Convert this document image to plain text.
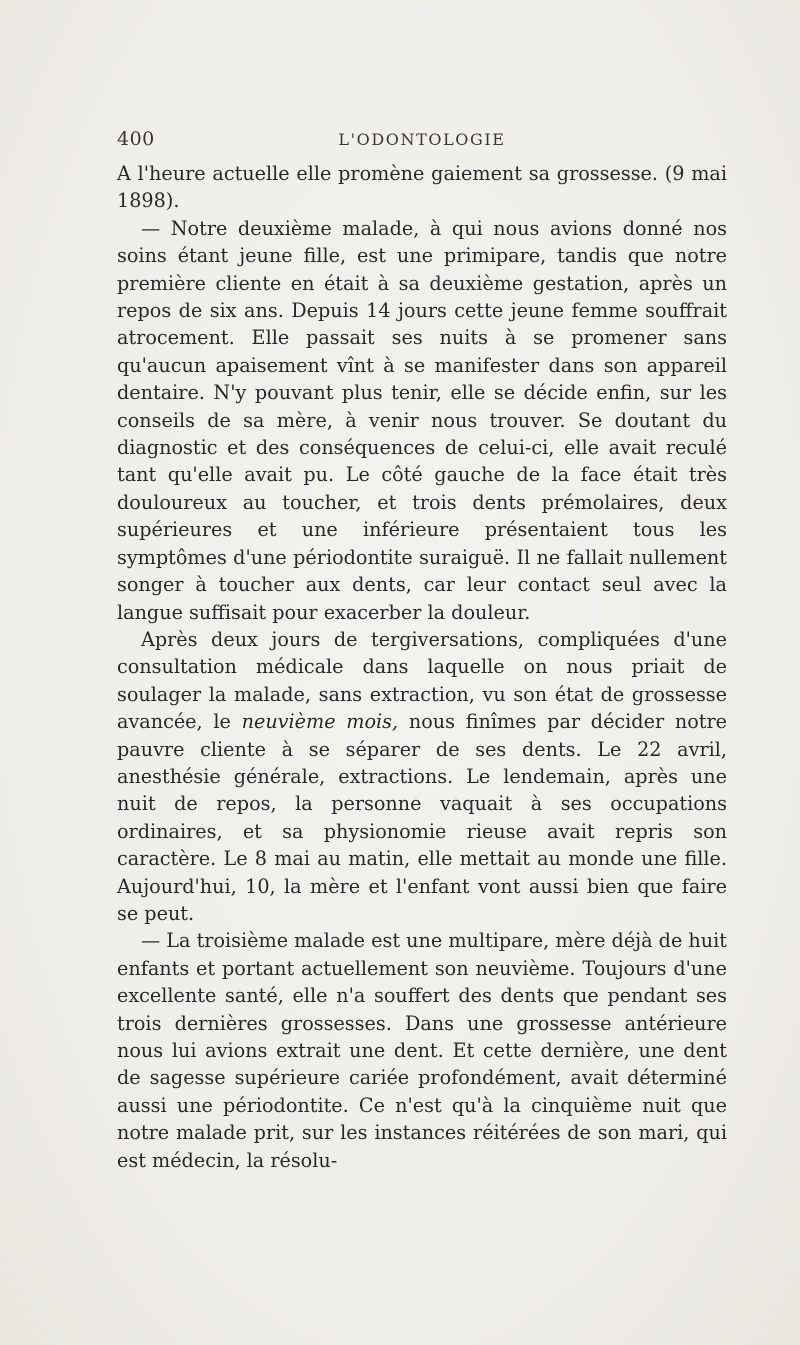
400	L'ODONTOLOGIE

A l'heure actuelle elle promène gaiement sa grossesse. (9 mai 1898).

— Notre deuxième malade, à qui nous avions donné nos soins étant jeune fille, est une primipare, tandis que notre première cliente en était à sa deuxième gestation, après un repos de six ans. Depuis 14 jours cette jeune femme souffrait atrocement. Elle passait ses nuits à se promener sans qu'aucun apaisement vînt à se manifester dans son appareil dentaire. N'y pouvant plus tenir, elle se décide enfin, sur les conseils de sa mère, à venir nous trouver. Se doutant du diagnostic et des conséquences de celui-ci, elle avait reculé tant qu'elle avait pu. Le côté gauche de la face était très douloureux au toucher, et trois dents prémolaires, deux supérieures et une inférieure présentaient tous les symptômes d'une périodontite suraiguë. Il ne fallait nullement songer à toucher aux dents, car leur contact seul avec la langue suffisait pour exacerber la douleur.

Après deux jours de tergiversations, compliquées d'une consultation médicale dans laquelle on nous priait de soulager la malade, sans extraction, vu son état de grossesse avancée, le neuvième mois, nous finîmes par décider notre pauvre cliente à se séparer de ses dents. Le 22 avril, anesthésie générale, extractions. Le lendemain, après une nuit de repos, la personne vaquait à ses occupations ordinaires, et sa physionomie rieuse avait repris son caractère. Le 8 mai au matin, elle mettait au monde une fille. Aujourd'hui, 10, la mère et l'enfant vont aussi bien que faire se peut.

— La troisième malade est une multipare, mère déjà de huit enfants et portant actuellement son neuvième. Toujours d'une excellente santé, elle n'a souffert des dents que pendant ses trois dernières grossesses. Dans une grossesse antérieure nous lui avions extrait une dent. Et cette dernière, une dent de sagesse supérieure cariée profondément, avait déterminé aussi une périodontite. Ce n'est qu'à la cinquième nuit que notre malade prit, sur les instances réitérées de son mari, qui est médecin, la résolu-
